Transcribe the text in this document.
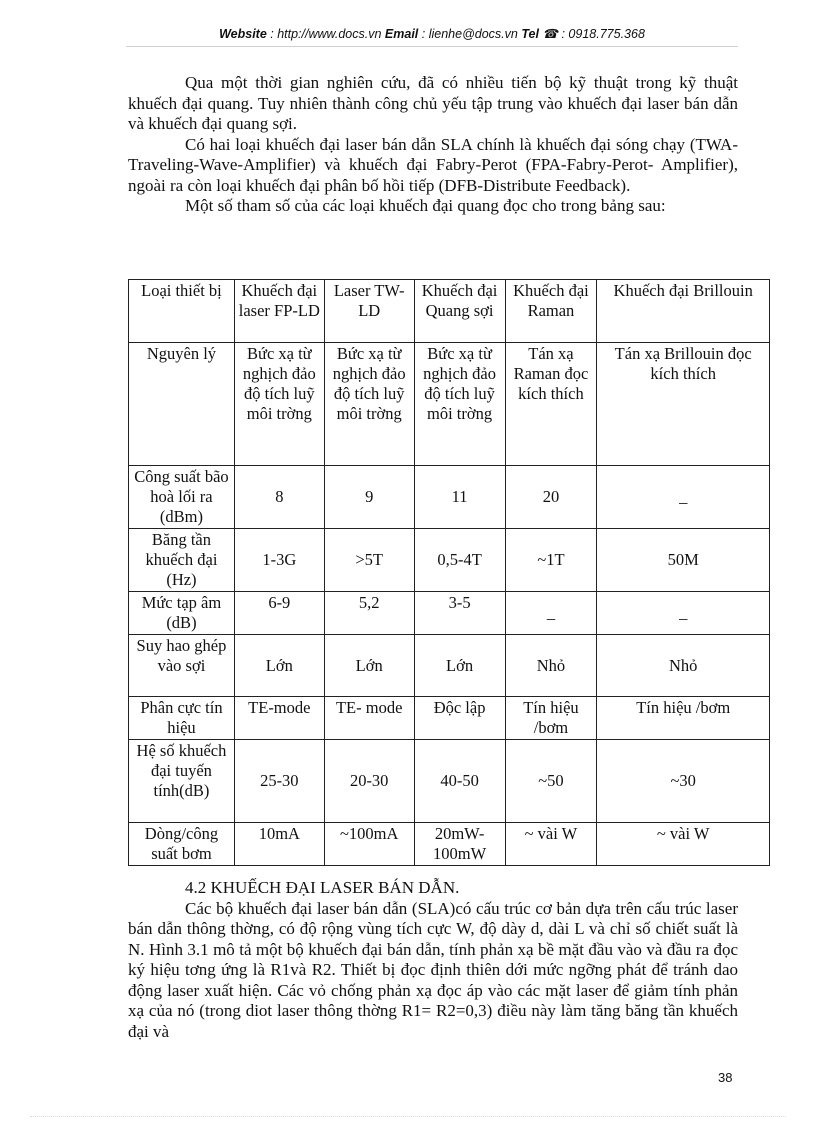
Website : http://www.docs.vn Email : lienhe@docs.vn Tel ☎ : 0918.775.368

Qua một thời gian nghiên cứu, đã có nhiều tiến bộ kỹ thuật trong kỹ thuật khuếch đại quang. Tuy nhiên thành công chủ yếu tập trung vào khuếch đại laser bán dẫn và khuếch đại quang sợi.

Có hai loại khuếch đại laser bán dẫn SLA chính là khuếch đại sóng chạy (TWA-Traveling-Wave-Amplifier) và khuếch đại Fabry-Perot (FPA-Fabry-Perot- Amplifier), ngoài ra còn loại khuếch đại phân bố hồi tiếp (DFB-Distribute Feedback).

Một số tham số của các loại khuếch đại quang đọc cho trong bảng sau:

Loại thiết bị	Khuếch đại laser FP-LD	Laser TW-LD	Khuếch đại Quang sợi	Khuếch đại Raman	Khuếch đại Brillouin
Nguyên lý	Bức xạ từ nghịch đảo độ tích luỹ môi trờng	Bức xạ từ nghịch đảo độ tích luỹ môi trờng	Bức xạ từ nghịch đảo độ tích luỹ môi trờng	Tán xạ Raman đọc kích thích	Tán xạ Brillouin đọc kích thích
Công suất bão hoà lối ra (dBm)	8	9	11	20	_
Băng tần khuếch đại (Hz)	1-3G	>5T	0,5-4T	~1T	50M
Mức tạp âm (dB)	6-9	5,2	3-5	_	_
Suy hao ghép vào sợi	Lớn	Lớn	Lớn	Nhỏ	Nhỏ
Phân cực tín hiệu	TE-mode	TE- mode	Độc lập	Tín hiệu /bơm	Tín hiệu /bơm
Hệ số khuếch đại tuyến tính(dB)	25-30	20-30	40-50	~50	~30
Dòng/công suất bơm	10mA	~100mA	20mW-100mW	~ vài W	~ vài W

4.2 KHUẾCH ĐẠI LASER BÁN DẪN.

Các bộ khuếch đại laser bán dẫn (SLA)có cấu trúc cơ bản dựa trên cấu trúc laser bán dẫn thông thờng, có độ rộng vùng tích cực W, độ dày d, dài L và chỉ số chiết suất là N. Hình 3.1 mô tả một bộ khuếch đại bán dẫn, tính phản xạ bề mặt đầu vào và đầu ra đọc ký hiệu tơng ứng là R1và R2. Thiết bị đọc định thiên dới mức ngỡng phát để tránh dao động laser xuất hiện. Các vỏ chống phản xạ đọc áp vào các mặt laser để giảm tính phản xạ của nó (trong diot laser thông thờng R1= R2=0,3) điều này làm tăng băng tần khuếch đại và

38
